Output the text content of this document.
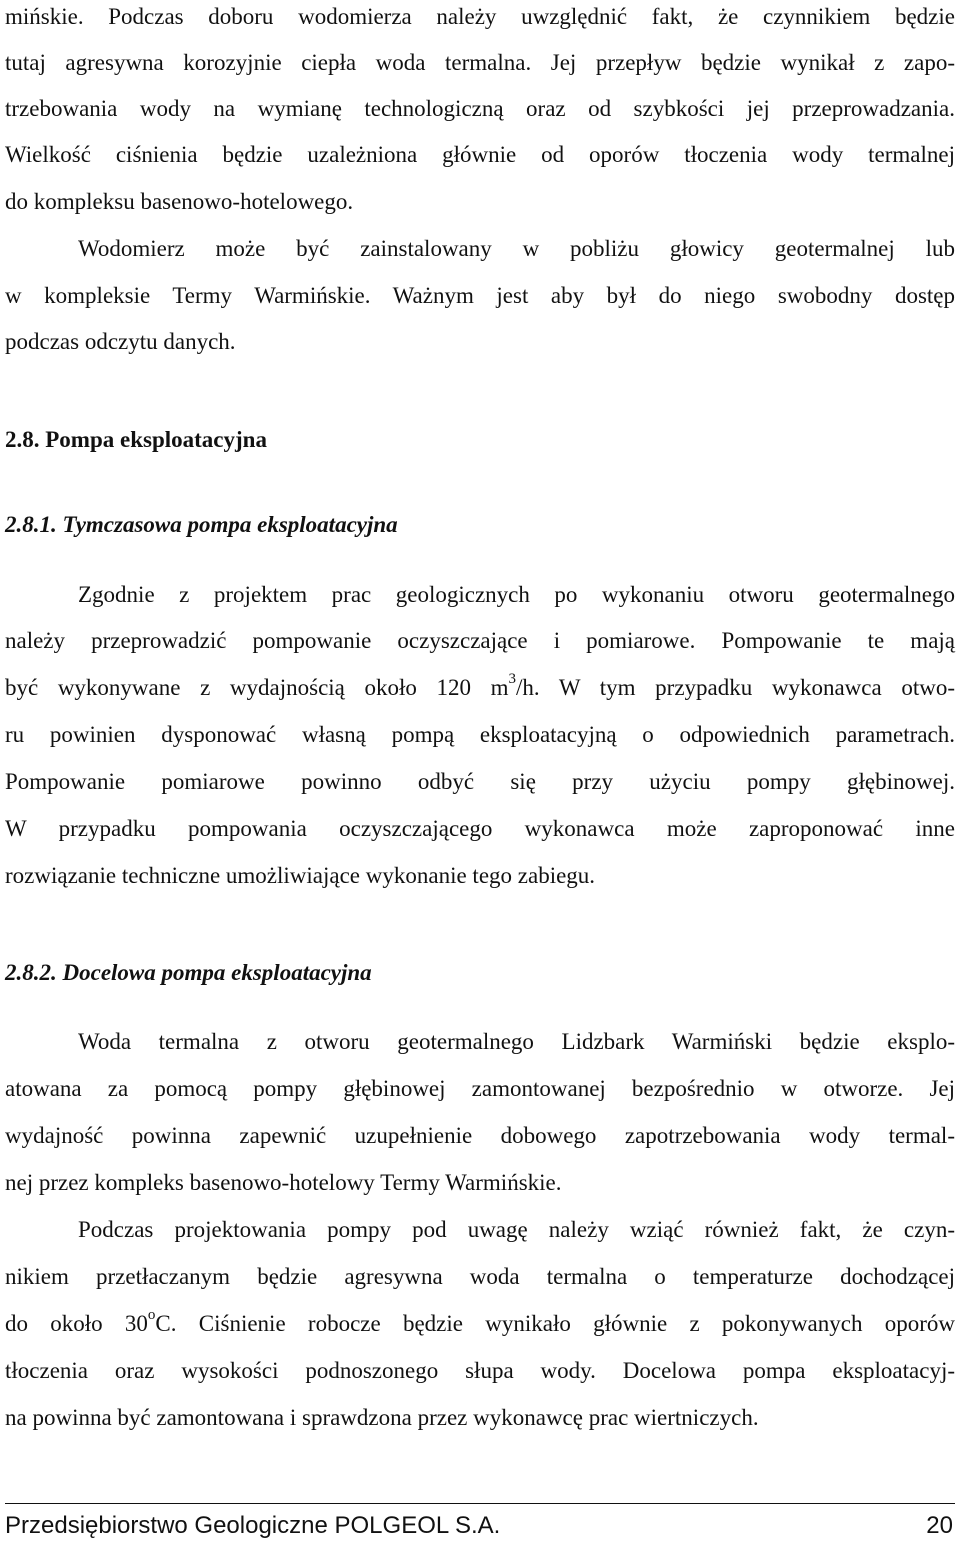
mińskie. Podczas doboru wodomierza należy uwzględnić fakt, że czynnikiem będzie
tutaj agresywna korozyjnie ciepła woda termalna. Jej przepływ będzie wynikał z zapo-
trzebowania wody na wymianę technologiczną oraz od szybkości jej przeprowadzania.
Wielkość ciśnienia będzie uzależniona głównie od oporów tłoczenia wody termalnej
do kompleksu basenowo-hotelowego.
Wodomierz może być zainstalowany w pobliżu głowicy geotermalnej lub
w kompleksie Termy Warmińskie. Ważnym jest aby był do niego swobodny dostęp
podczas odczytu danych.
2.8. Pompa eksploatacyjna
2.8.1. Tymczasowa pompa eksploatacyjna
Zgodnie z projektem prac geologicznych po wykonaniu otworu geotermalnego
należy przeprowadzić pompowanie oczyszczające i pomiarowe. Pompowanie te mają
być wykonywane z wydajnością około 120 $m^3/h$. W tym przypadku wykonawca otwo-
ru powinien dysponować własną pompą eksploatacyjną o odpowiednich parametrach.
Pompowanie pomiarowe powinno odbyć się przy użyciu pompy głębinowej.
W przypadku pompowania oczyszczającego wykonawca może zaproponować inne
rozwiązanie techniczne umożliwiające wykonanie tego zabiegu.
2.8.2. Docelowa pompa eksploatacyjna
Woda termalna z otworu geotermalnego Lidzbark Warmiński będzie eksplo-
atowana za pomocą pompy głębinowej zamontowanej bezpośrednio w otworze. Jej
wydajność powinna zapewnić uzupełnienie dobowego zapotrzebowania wody termal-
nej przez kompleks basenowo-hotelowy Termy Warmińskie.
Podczas projektowania pompy pod uwagę należy wziąć również fakt, że czyn-
nikiem przetłaczanym będzie agresywna woda termalna o temperaturze dochodzącej
do około 30$^o$C. Ciśnienie robocze będzie wynikało głównie z pokonywanych oporów
tłoczenia oraz wysokości podnoszonego słupa wody. Docelowa pompa eksploatacyj-
na powinna być zamontowana i sprawdzona przez wykonawcę prac wiertniczych.
Przedsiębiorstwo Geologiczne POLGEOL S.A.	20
